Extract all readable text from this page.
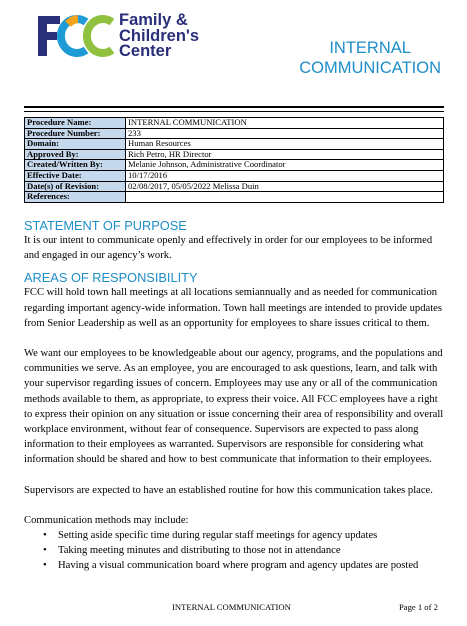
Family &
Children's
Center	INTERNAL
COMMUNICATION
Procedure Name:	INTERNAL COMMUNICATION
Procedure Number:	233
Domain:	Human Resources
Approved By:	Rich Petro, HR Director
Created/Written By:	Melanie Johnson, Administrative Coordinator
Effective Date:	10/17/2016
Date(s) of Revision:	02/08/2017, 05/05/2022 Melissa Duin
References:	
STATEMENT OF PURPOSE

It is our intent to communicate openly and effectively in order for our employees to be informed and engaged in our agency’s work.

AREAS OF RESPONSIBILITY

FCC will hold town hall meetings at all locations semiannually and as needed for communication regarding important agency-wide information. Town hall meetings are intended to provide updates from Senior Leadership as well as an opportunity for employees to share issues critical to them.

We want our employees to be knowledgeable about our agency, programs, and the populations and communities we serve. As an employee, you are encouraged to ask questions, learn, and talk with your supervisor regarding issues of concern. Employees may use any or all of the communication methods available to them, as appropriate, to express their voice. All FCC employees have a right to express their opinion on any situation or issue concerning their area of responsibility and overall workplace environment, without fear of consequence. Supervisors are expected to pass along information to their employees as warranted. Supervisors are responsible for considering what information should be shared and how to best communicate that information to their employees.

Supervisors are expected to have an established routine for how this communication takes place.

Communication methods may include:

• Setting aside specific time during regular staff meetings for agency updates
• Taking meeting minutes and distributing to those not in attendance
• Having a visual communication board where program and agency updates are posted
INTERNAL COMMUNICATION	Page 1 of 2
